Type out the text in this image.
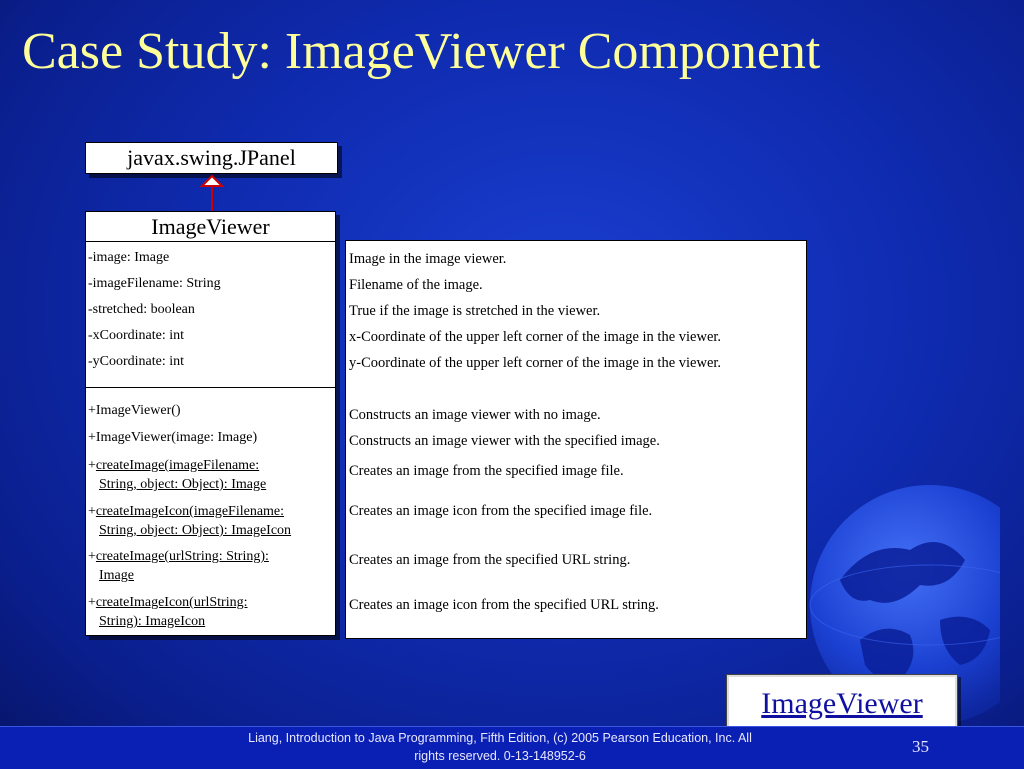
Case Study: ImageViewer Component
javax.swing.JPanel
ImageViewer
-image: Image
-imageFilename: String
-stretched: boolean
-xCoordinate: int
-yCoordinate: int
+ImageViewer()
+ImageViewer(image: Image)
+createImage(imageFilename:
String, object: Object): Image
+createImageIcon(imageFilename:
String, object: Object): ImageIcon
+createImage(urlString: String):
Image
+createImageIcon(urlString:
String): ImageIcon
Image in the image viewer.
Filename of the image.
True if the image is stretched in the viewer.
x-Coordinate of the upper left corner of the image in the viewer.
y-Coordinate of the upper left corner of the image in the viewer.
Constructs an image viewer with no image.
Constructs an image viewer with the specified image.
Creates an image from the specified image file.
Creates an image icon from the specified image file.
Creates an image from the specified URL string.
Creates an image icon from the specified URL string.
ImageViewer
Liang, Introduction to Java Programming, Fifth Edition, (c) 2005 Pearson Education, Inc. All
rights reserved. 0-13-148952-6	35
